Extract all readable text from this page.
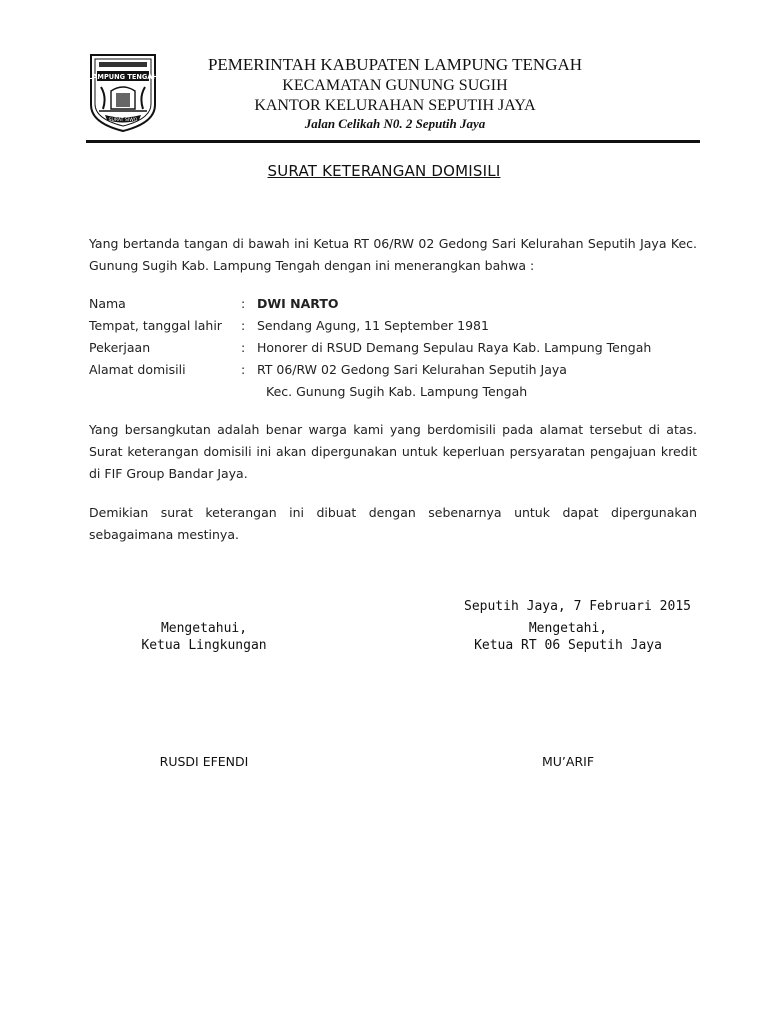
LAMPUNG TENGAH
SURAT SIWO
PEMERINTAH KABUPATEN LAMPUNG TENGAH
KECAMATAN GUNUNG SUGIH
KANTOR KELURAHAN SEPUTIH JAYA
Jalan Celikah N0. 2 Seputih Jaya
SURAT KETERANGAN DOMISILI
Yang bertanda tangan di bawah ini Ketua RT 06/RW 02 Gedong Sari Kelurahan Seputih Jaya Kec. Gunung Sugih Kab. Lampung Tengah dengan ini menerangkan bahwa :
Nama	: DWI NARTO
Tempat, tanggal lahir	: Sendang Agung, 11 September 1981
Pekerjaan	: Honorer di RSUD Demang Sepulau Raya Kab. Lampung Tengah
Alamat domisili	: RT 06/RW 02 Gedong Sari Kelurahan Seputih Jaya
Kec. Gunung Sugih Kab. Lampung Tengah
Yang bersangkutan adalah benar warga kami yang berdomisili pada alamat tersebut di atas. Surat keterangan domisili ini akan dipergunakan untuk keperluan persyaratan pengajuan kredit di FIF Group Bandar Jaya.
Demikian surat keterangan ini dibuat dengan sebenarnya untuk dapat dipergunakan sebagaimana mestinya.
Seputih Jaya, 7 Februari 2015
Mengetahui,
Ketua Lingkungan
Mengetahi,
Ketua RT 06 Seputih Jaya
RUSDI EFENDI	MU’ARIF
